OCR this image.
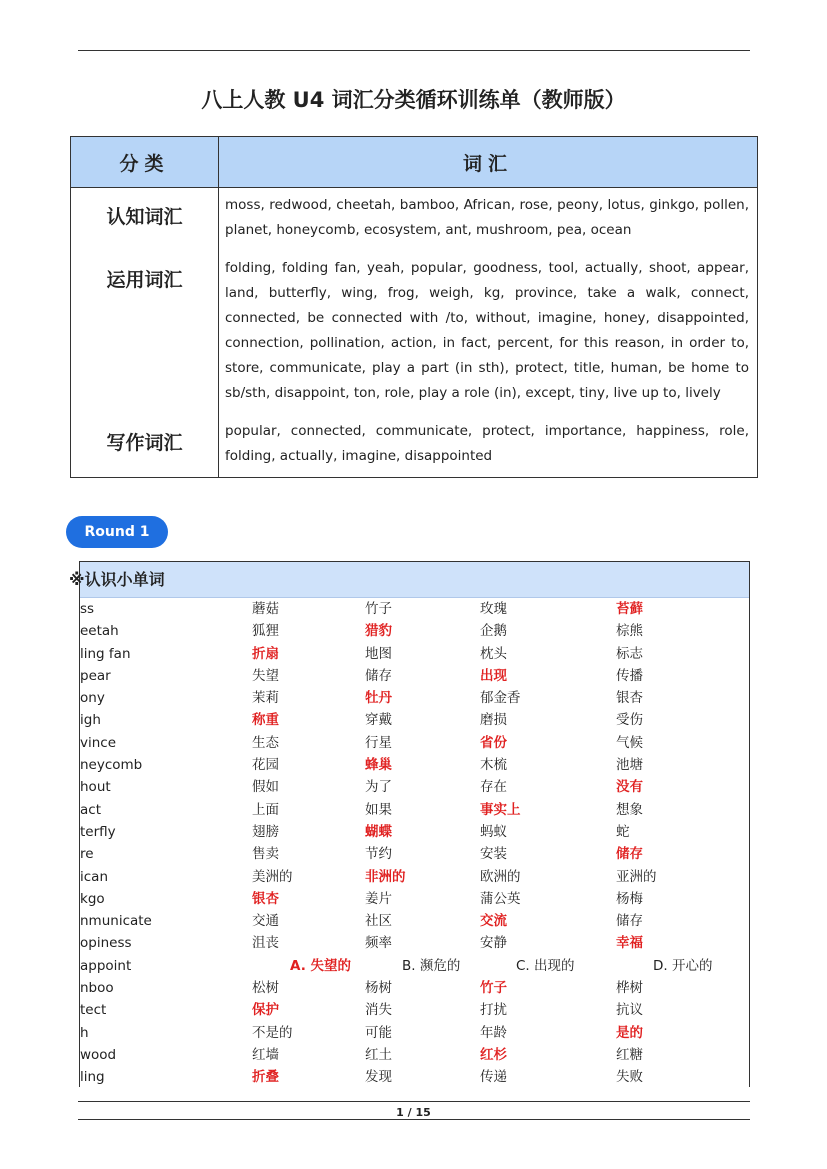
八上人教 U4 词汇分类循环训练单（教师版）
分类	词汇
认知词汇	moss, redwood, cheetah, bamboo, African, rose, peony, lotus, ginkgo, pollen, planet, honeycomb, ecosystem, ant, mushroom, pea, ocean
运用词汇	folding, folding fan, yeah, popular, goodness, tool, actually, shoot, appear, land, butterfly, wing, frog, weigh, kg, province, take a walk, connect, connected, be connected with /to, without, imagine, honey, disappointed, connection, pollination, action, in fact, percent, for this reason, in order to, store, communicate, play a part (in sth), protect, title, human, be home to sb/sth, disappoint, ton, role, play a role (in), except, tiny, live up to, lively
写作词汇	popular, connected, communicate, protect, importance, happiness, role, folding, actually, imagine, disappointed
Round 1
※认识小单词
ss	蘑菇	竹子	玫瑰	苔藓
eetah	狐狸	猎豹	企鹅	棕熊
ling fan	折扇	地图	枕头	标志
pear	失望	储存	出现	传播
ony	茉莉	牡丹	郁金香	银杏
igh	称重	穿戴	磨损	受伤
vince	生态	行星	省份	气候
neycomb	花园	蜂巢	木梳	池塘
hout	假如	为了	存在	没有
act	上面	如果	事实上	想象
terfly	翅膀	蝴蝶	蚂蚁	蛇
re	售卖	节约	安装	储存
ican	美洲的	非洲的	欧洲的	亚洲的
kgo	银杏	姜片	蒲公英	杨梅
nmunicate	交通	社区	交流	储存
opiness	沮丧	频率	安静	幸福
appoint	A. 失望的	B. 濒危的	C. 出现的	D. 开心的
nboo	松树	杨树	竹子	桦树
tect	保护	消失	打扰	抗议
h	不是的	可能	年龄	是的
wood	红墙	红土	红杉	红糖
ling	折叠	发现	传递	失败
1 / 15
